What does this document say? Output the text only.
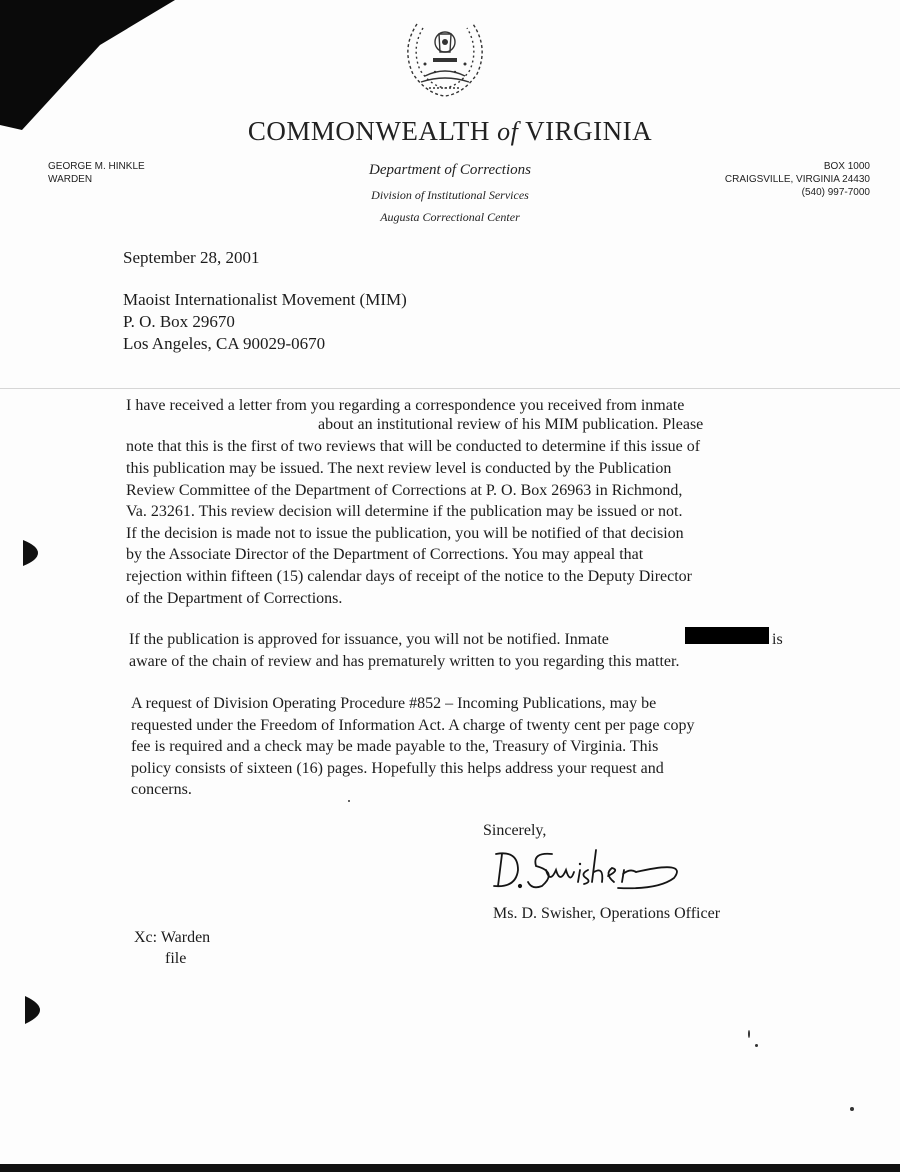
COMMONWEALTH of VIRGINIA
GEORGE M. HINKLE
WARDEN
BOX 1000
CRAIGSVILLE, VIRGINIA 24430
(540) 997-7000
Department of Corrections
Division of Institutional Services
Augusta Correctional Center
September 28, 2001
Maoist Internationalist Movement (MIM)
P. O. Box 29670
Los Angeles, CA 90029-0670
I have received a letter from you regarding a correspondence you received from inmate
about an institutional review of his MIM publication. Please
note that this is the first of two reviews that will be conducted to determine if this issue of
this publication may be issued. The next review level is conducted by the Publication
Review Committee of the Department of Corrections at P. O. Box 26963 in Richmond,
Va. 23261. This review decision will determine if the publication may be issued or not.
If the decision is made not to issue the publication, you will be notified of that decision
by the Associate Director of the Department of Corrections. You may appeal that
rejection within fifteen (15) calendar days of receipt of the notice to the Deputy Director
of the Department of Corrections.
If the publication is approved for issuance, you will not be notified. Inmate	is
aware of the chain of review and has prematurely written to you regarding this matter.
A request of Division Operating Procedure #852 – Incoming Publications, may be
requested under the Freedom of Information Act. A charge of twenty cent per page copy
fee is required and a check may be made payable to the, Treasury of Virginia. This
policy consists of sixteen (16) pages. Hopefully this helps address your request and
concerns.
Sincerely,
Ms. D. Swisher, Operations Officer
Xc: Warden
file
